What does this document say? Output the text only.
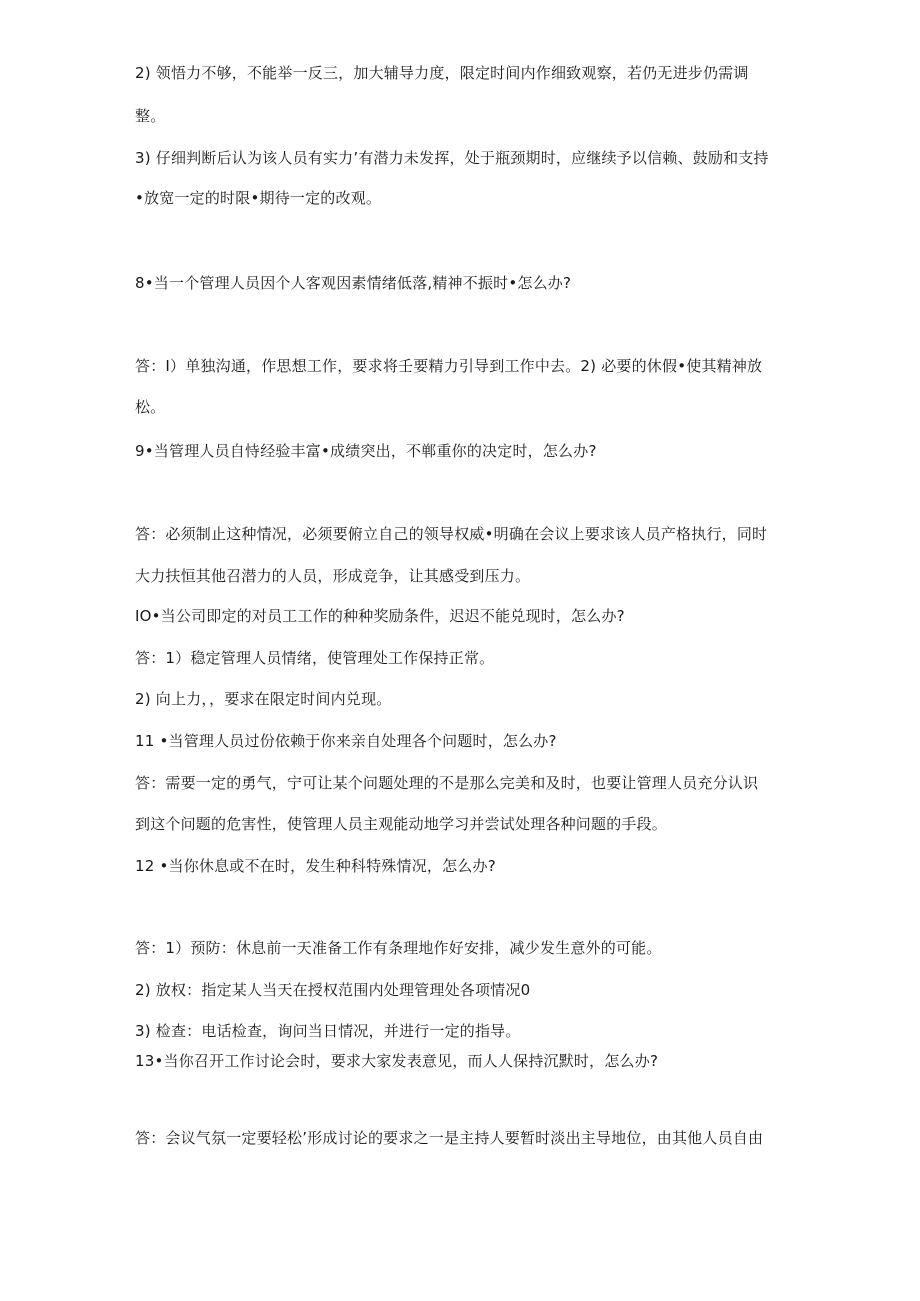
2) 领悟力不够，不能举一反三，加大辅导力度，限定时间内作细致观察，若仍无进步仍需调
整。
3) 仔细判断后认为该人员有实力’有潜力未发挥，处于瓶颈期时，应继续予以信赖、鼓励和支持
•放宽一定的时限•期待一定的改观。
8•当一个管理人员因个人客观因素情绪低落,精神不振时•怎么办?
答：I）单独沟通，作思想工作，要求将壬要精力引导到工作中去。2) 必要的休假•使其精神放
松。
9•当管理人员自恃经验丰富•成绩突出，不郸重你的决定时，怎么办?
答：必须制止这种情况，必须要俯立自己的领导权威•明确在会议上要求该人员产格执行，同时
大力扶恒其他召潜力的人员，形成竞争，让其感受到压力。
IO•当公司即定的对员工工作的种种奖励条件，迟迟不能兑现时，怎么办?
答：1）稳定管理人员情绪，使管理处工作保持正常。
2) 向上力，，要求在限定时间内兑现。
11 •当管理人员过份依赖于你来亲自处理各个问题时，怎么办?
答：需要一定的勇气，宁可让某个问题处理的不是那么完美和及时，也要让管理人员充分认识
到这个问题的危害性，使管理人员主观能动地学习并尝试处理各种问题的手段。
12 •当你休息或不在时，发生种科特殊情况，怎么办?
答：1）预防：休息前一天准备工作有条理地作好安排，减少发生意外的可能。
2) 放权：指定某人当天在授权范围内处理管理处各项情况0
3) 检查：电话检查，询问当日情况，并进行一定的指导。
13•当你召开工作讨论会时，要求大家发表意见，而人人保持沉默时，怎么办?
答：会议气氛一定要轻松’形成讨论的要求之一是主持人要暂时淡出主导地位，由其他人员自由
